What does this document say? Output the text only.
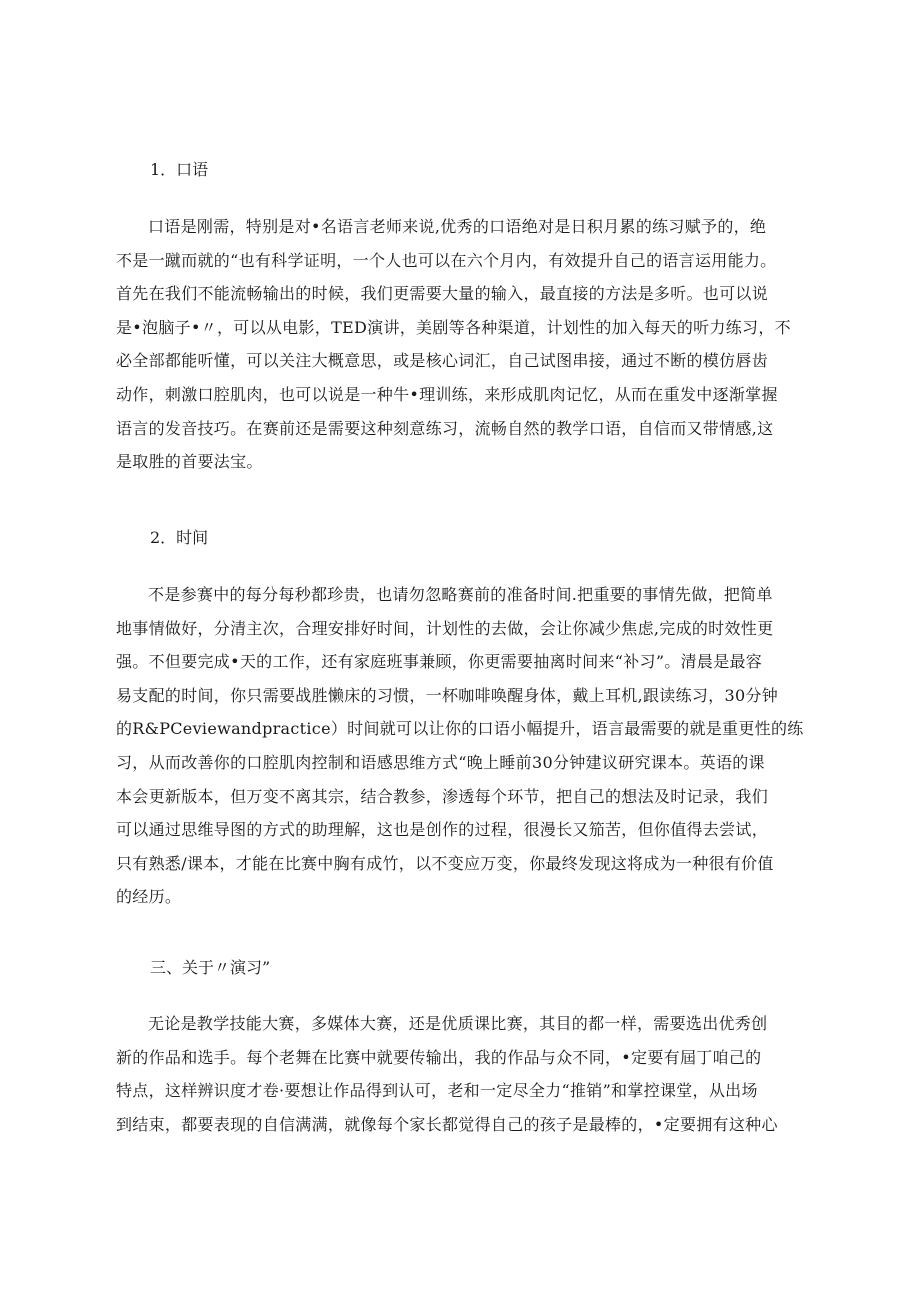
1．口语
口语是刚需，特别是对•名语言老师来说,优秀的口语绝对是日积月累的练习赋予的，绝
不是一蹴而就的“也有科学证明，一个人也可以在六个月内，有效提升自己的语言运用能力。
首先在我们不能流畅输出的时候，我们更需要大量的输入，最直接的方法是多听。也可以说
是•泡脑子•〃，可以从电影，TED演讲，美剧等各种渠道，计划性的加入每天的听力练习，不
必全部都能听懂，可以关注大概意思，或是核心词汇，自己试图串接，通过不断的模仿唇齿
动作，刺激口腔肌肉，也可以说是一种牛•理训练，来形成肌肉记忆，从而在重发中逐渐掌握
语言的发音技巧。在赛前还是需要这种刻意练习，流畅自然的教学口语，自信而又带情感,这
是取胜的首要法宝。
2．时间
不是参赛中的每分每秒都珍贵，也请勿忽略赛前的准备时间.把重要的事情先做，把简单
地事情做好，分清主次，合理安排好时间，计划性的去做，会让你减少焦虑,完成的时效性更
强。不但要完成•天的工作，还有家庭班事兼顾，你更需要抽离时间来“补习”。清晨是最容
易支配的时间，你只需要战胜懒床的习惯，一杯咖啡唤醒身体，戴上耳机,跟读练习，30分钟
的R&PCeviewandpractice）时间就可以让你的口语小幅提升，语言最需要的就是重更性的练
习，从而改善你的口腔肌肉控制和语感思维方式“晚上睡前30分钟建议研究课本。英语的课
本会更新版本，但万变不离其宗，结合教参，渗透每个环节，把自己的想法及时记录，我们
可以通过思维导图的方式的助理解，这也是创作的过程，很漫长又笳苦，但你值得去尝试，
只有熟悉/课本，才能在比赛中胸有成竹，以不变应万变，你最终发现这将成为一种很有价值
的经历。
三、关于〃演习”
无论是教学技能大赛，多媒体大赛，还是优质课比赛，其目的都一样，需要选出优秀创
新的作品和选手。每个老舞在比赛中就要传输出，我的作品与众不同，•定要有屆丁咱己的
特点，这样辨识度才卷·要想让作品得到认可，老和一定尽全力“推销”和掌控课堂，从出场
到结束，都要表现的自信满满，就像每个家长都觉得自己的孩子是最棒的，•定要拥有这种心
